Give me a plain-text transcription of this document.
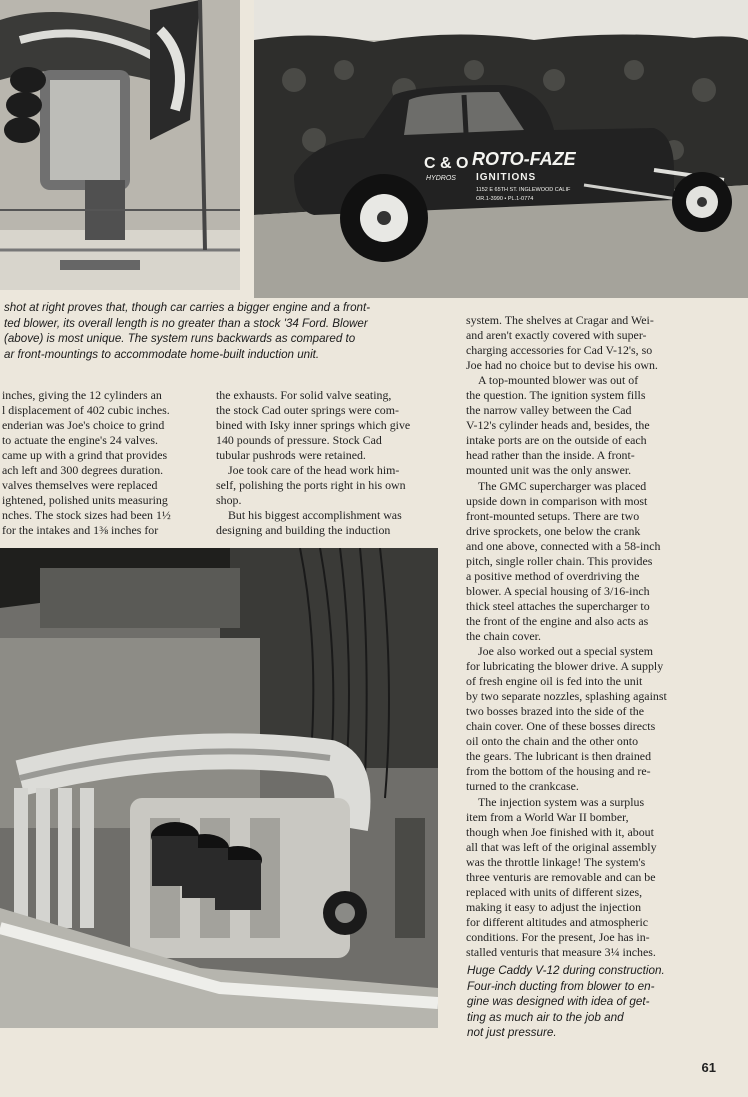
C & O
HYDROS
ROTO-FAZE
IGNITIONS
1152 E 65TH ST. INGLEWOOD CALIF
OR.1-3990 • PL.1-0774
shot at right proves that, though car carries a bigger engine and a front-
ted blower, its overall length is no greater than a stock '34 Ford. Blower
(above) is most unique. The system runs backwards as compared to
ar front-mountings to accommodate home-built induction unit.
inches, giving the 12 cylinders an
l displacement of 402 cubic inches.
enderian was Joe's choice to grind
to actuate the engine's 24 valves.
came up with a grind that provides
ach left and 300 degrees duration.
valves themselves were replaced
ightened, polished units measuring
nches. The stock sizes had been 1½
for the intakes and 1⅜ inches for
the exhausts. For solid valve seating,
the stock Cad outer springs were com-
bined with Isky inner springs which give
140 pounds of pressure. Stock Cad
tubular pushrods were retained.
Joe took care of the head work him-
self, polishing the ports right in his own
shop.
But his biggest accomplishment was
designing and building the induction
system. The shelves at Cragar and Wei-
and aren't exactly covered with super-
charging accessories for Cad V-12's, so
Joe had no choice but to devise his own.
A top-mounted blower was out of
the question. The ignition system fills
the narrow valley between the Cad
V-12's cylinder heads and, besides, the
intake ports are on the outside of each
head rather than the inside. A front-
mounted unit was the only answer.
The GMC supercharger was placed
upside down in comparison with most
front-mounted setups. There are two
drive sprockets, one below the crank
and one above, connected with a 58-inch
pitch, single roller chain. This provides
a positive method of overdriving the
blower. A special housing of 3/16-inch
thick steel attaches the supercharger to
the front of the engine and also acts as
the chain cover.
Joe also worked out a special system
for lubricating the blower drive. A supply
of fresh engine oil is fed into the unit
by two separate nozzles, splashing against
two bosses brazed into the side of the
chain cover. One of these bosses directs
oil onto the chain and the other onto
the gears. The lubricant is then drained
from the bottom of the housing and re-
turned to the crankcase.
The injection system was a surplus
item from a World War II bomber,
though when Joe finished with it, about
all that was left of the original assembly
was the throttle linkage! The system's
three venturis are removable and can be
replaced with units of different sizes,
making it easy to adjust the injection
for different altitudes and atmospheric
conditions. For the present, Joe has in-
stalled venturis that measure 3¼ inches.
Huge Caddy V-12 during construction.
Four-inch ducting from blower to en-
gine was designed with idea of get-
ting as much air to the job and
not just pressure.
61
